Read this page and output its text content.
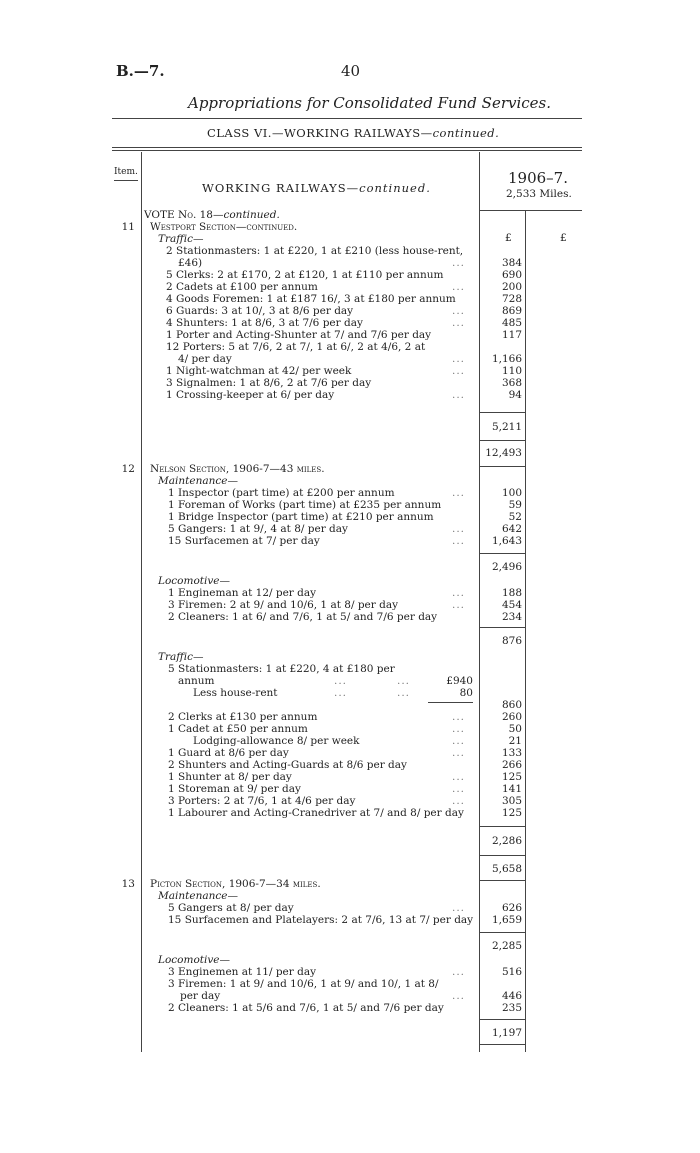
B.—7.	40
Appropriations for Consolidated Fund Services.
CLASS VI.—WORKING RAILWAYS—continued.
Item.
WORKING RAILWAYS—continued.
1906–7.
2,533 Miles.
£	£
VOTE No. 18—continued.
11 Westport Section—continued.
Traffic—
2 Stationmasters: 1 at £220, 1 at £210 (less house-rent,
£46)	...	384
5 Clerks: 2 at £170, 2 at £120, 1 at £110 per annum	690
2 Cadets at £100 per annum	...	200
4 Goods Foremen: 1 at £187 16/, 3 at £180 per annum	728
6 Guards: 3 at 10/, 3 at 8/6 per day	...	869
4 Shunters: 1 at 8/6, 3 at 7/6 per day	...	485
1 Porter and Acting-Shunter at 7/ and 7/6 per day	117
12 Porters: 5 at 7/6, 2 at 7/, 1 at 6/, 2 at 4/6, 2 at
4/ per day	...	1,166
1 Night-watchman at 42/ per week	...	110
3 Signalmen: 1 at 8/6, 2 at 7/6 per day	368
1 Crossing-keeper at 6/ per day	...	94
5,211
12,493
12 Nelson Section, 1906-7—43 miles.
Maintenance—
1 Inspector (part time) at £200 per annum	...	100
1 Foreman of Works (part time) at £235 per annum	59
1 Bridge Inspector (part time) at £210 per annum	52
5 Gangers: 1 at 9/, 4 at 8/ per day	...	642
15 Surfacemen at 7/ per day	...	1,643
2,496
Locomotive—
1 Engineman at 12/ per day	...	188
3 Firemen: 2 at 9/ and 10/6, 1 at 8/ per day	...	454
2 Cleaners: 1 at 6/ and 7/6, 1 at 5/ and 7/6 per day	234
876
Traffic—
5 Stationmasters: 1 at £220, 4 at £180 per
annum	...	...	£940
Less house-rent	...	...	80
860
2 Clerks at £130 per annum	...	260
1 Cadet at £50 per annum	...	50
Lodging-allowance 8/ per week	...	21
1 Guard at 8/6 per day	...	133
2 Shunters and Acting-Guards at 8/6 per day	266
1 Shunter at 8/ per day	...	125
1 Storeman at 9/ per day	...	141
3 Porters: 2 at 7/6, 1 at 4/6 per day	...	305
1 Labourer and Acting-Cranedriver at 7/ and 8/ per day	125
2,286
5,658
13 Picton Section, 1906-7—34 miles.
Maintenance—
5 Gangers at 8/ per day	...	626
15 Surfacemen and Platelayers: 2 at 7/6, 13 at 7/ per day	1,659
2,285
Locomotive—
3 Enginemen at 11/ per day	...	516
3 Firemen: 1 at 9/ and 10/6, 1 at 9/ and 10/, 1 at 8/
per day	...	446
2 Cleaners: 1 at 5/6 and 7/6, 1 at 5/ and 7/6 per day	235
1,197
